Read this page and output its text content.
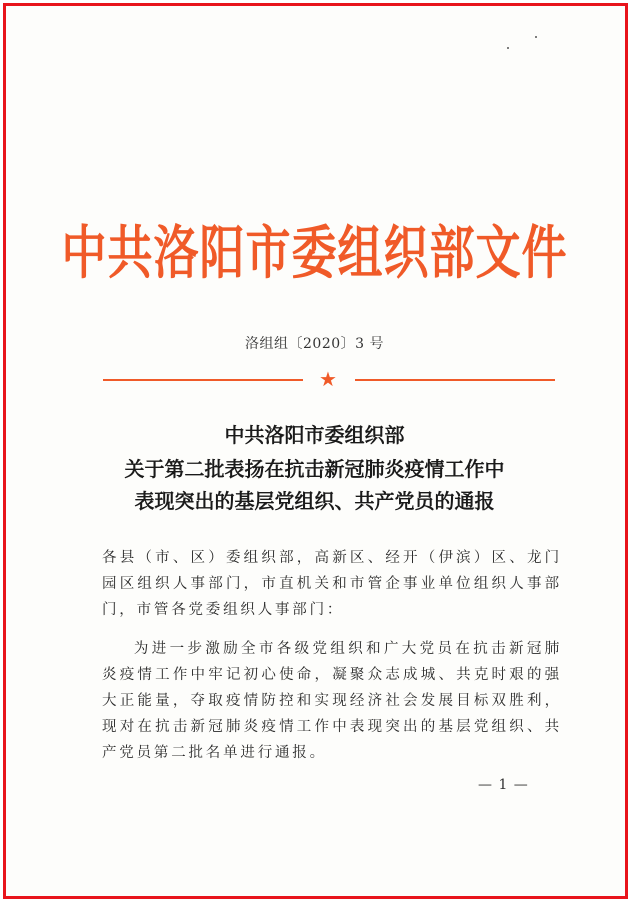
中共洛阳市委组织部文件
洛组组〔2020〕3 号
★
中共洛阳市委组织部
关于第二批表扬在抗击新冠肺炎疫情工作中
表现突出的基层党组织、共产党员的通报
各县（市、区）委组织部，高新区、经开（伊滨）区、龙门园区组织人事部门，市直机关和市管企事业单位组织人事部门，市管各党委组织人事部门：
为进一步激励全市各级党组织和广大党员在抗击新冠肺炎疫情工作中牢记初心使命，凝聚众志成城、共克时艰的强大正能量，夺取疫情防控和实现经济社会发展目标双胜利，现对在抗击新冠肺炎疫情工作中表现突出的基层党组织、共产党员第二批名单进行通报。
— 1 —
